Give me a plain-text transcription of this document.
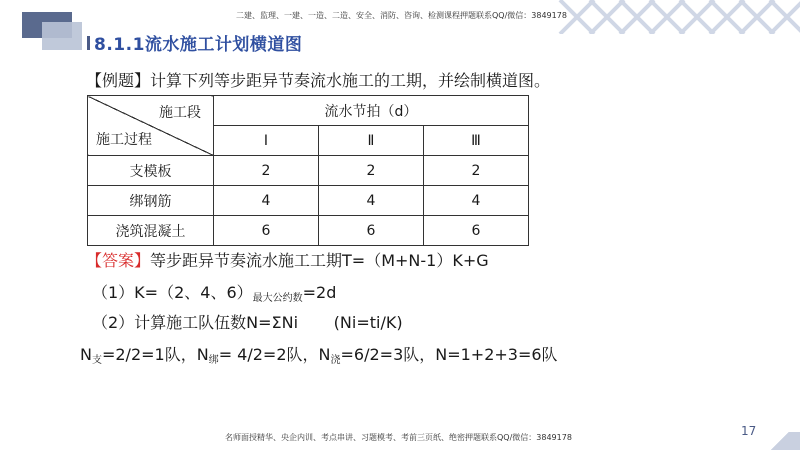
二建、监理、一建、一造、二造、安全、消防、咨询、检测课程押题联系QQ/微信：3849178
8.1.1流水施工计划横道图
【例题】计算下列等步距异节奏流水施工的工期，并绘制横道图。
施工段
施工过程	流水节拍（d）		
	Ⅰ	Ⅱ	Ⅲ
支模板	2	2	2
绑钢筋	4	4	4
浇筑混凝土	6	6	6
【答案】等步距异节奏流水施工工期T=（M+N-1）K+G
（1）K=（2、4、$6)_{最大公约数}=2d$
（2）计算施工队伍数N=ΣNi       (Ni=ti/K)
$N_支=2/2=1$队，$N_绑= 4/2=2$队，$N_浇=6/2=3$队，N=1+2+3=6队
17
名师面授精华、央企内训、考点串讲、习题模考、考前三页纸、绝密押题联系QQ/微信：3849178
